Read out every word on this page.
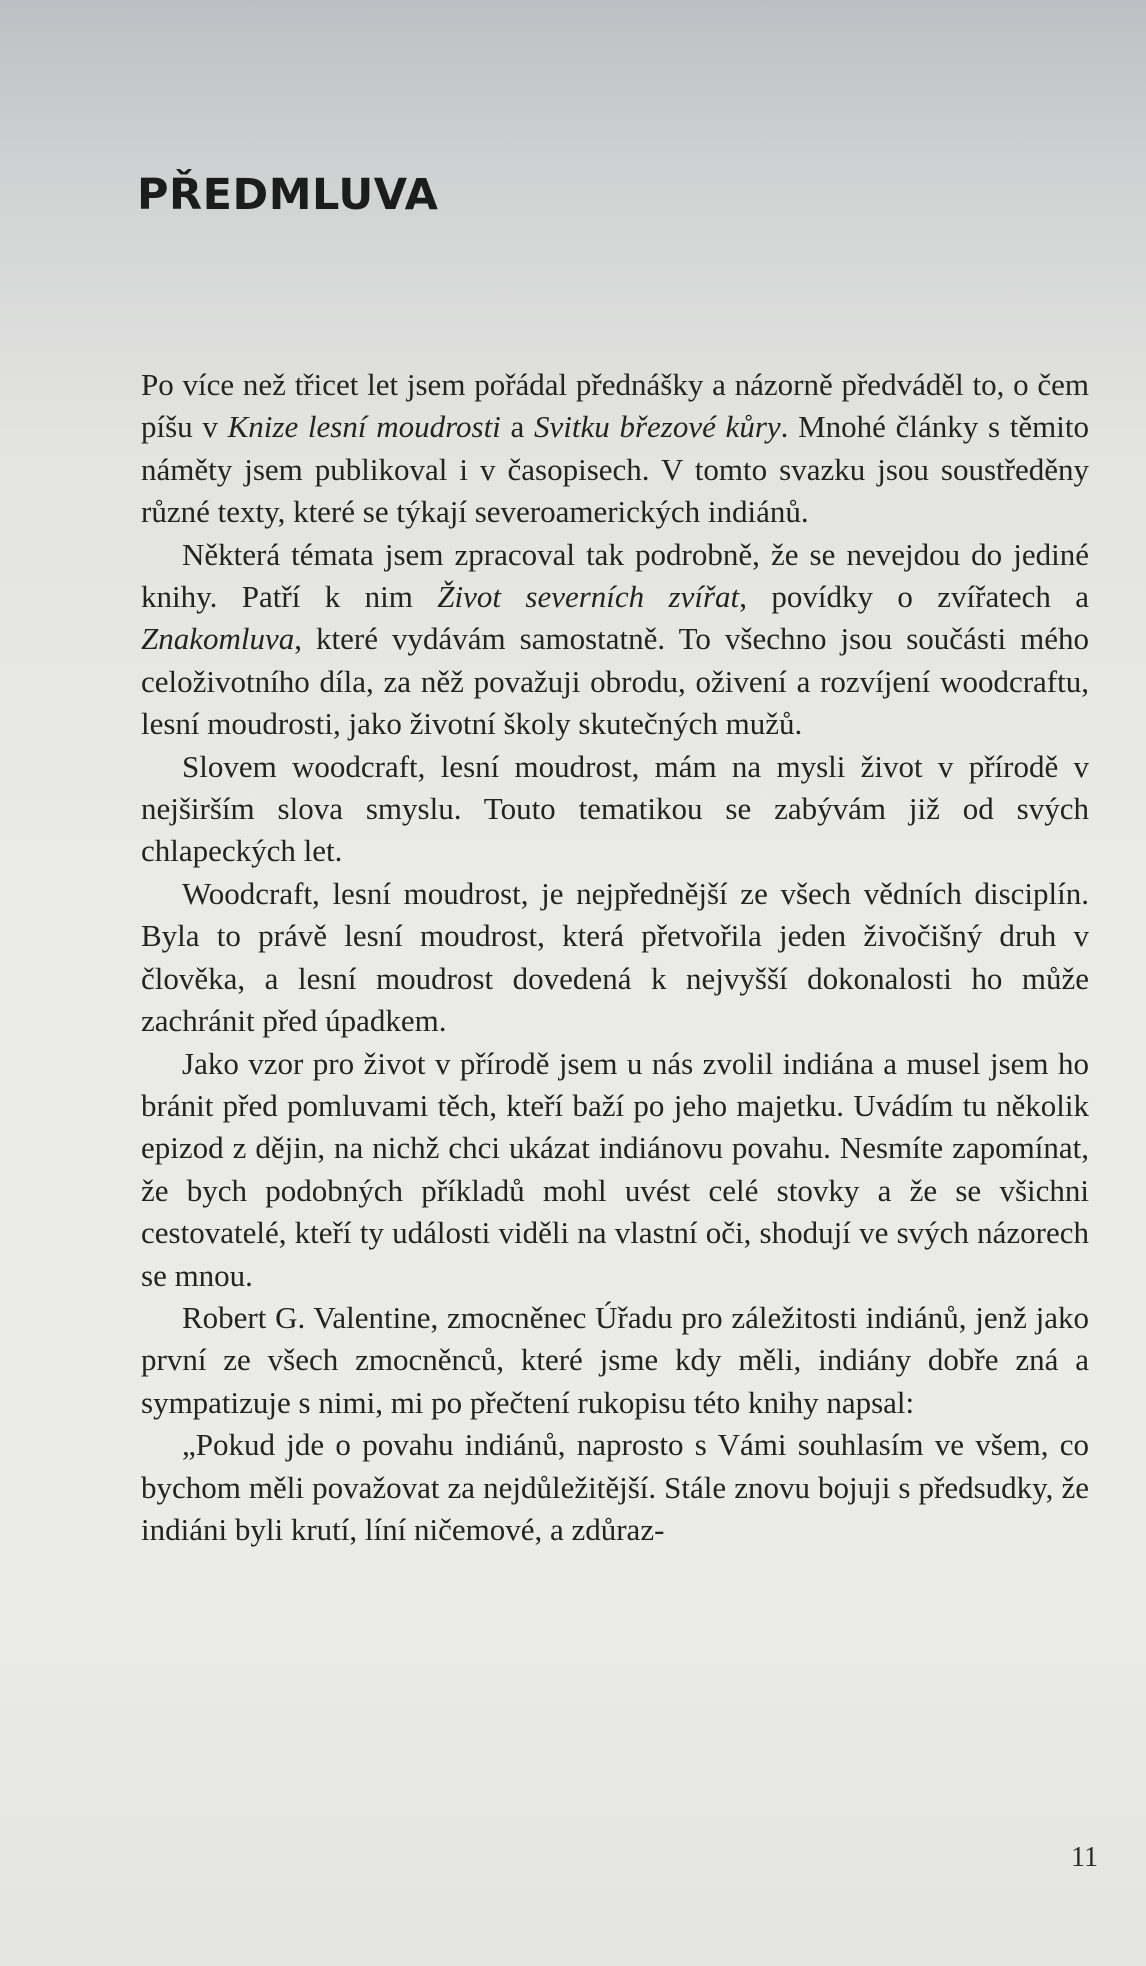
PŘEDMLUVA

Po více než třicet let jsem pořádal přednášky a názorně předváděl to, o čem píšu v Knize lesní moudrosti a Svitku březové kůry. Mnohé články s těmito náměty jsem publikoval i v časopisech. V tomto svazku jsou soustředěny různé texty, které se týkají severoamerických indiánů.

Některá témata jsem zpracoval tak podrobně, že se nevejdou do jediné knihy. Patří k nim Život severních zvířat, povídky o zvířatech a Znakomluva, které vydávám samostatně. To všechno jsou součásti mého celoživotního díla, za něž považuji obrodu, oživení a rozvíjení woodcraftu, lesní moudrosti, jako životní školy skutečných mužů.

Slovem woodcraft, lesní moudrost, mám na mysli život v přírodě v nejširším slova smyslu. Touto tematikou se zabývám již od svých chlapeckých let.

Woodcraft, lesní moudrost, je nejpřednější ze všech vědních disciplín. Byla to právě lesní moudrost, která přetvořila jeden živočišný druh v člověka, a lesní moudrost dovedená k nejvyšší dokonalosti ho může zachránit před úpadkem.

Jako vzor pro život v přírodě jsem u nás zvolil indiána a musel jsem ho bránit před pomluvami těch, kteří baží po jeho majetku. Uvádím tu několik epizod z dějin, na nichž chci ukázat indiánovu povahu. Nesmíte zapomínat, že bych podobných příkladů mohl uvést celé stovky a že se všichni cestovatelé, kteří ty události viděli na vlastní oči, shodují ve svých názorech se mnou.

Robert G. Valentine, zmocněnec Úřadu pro záležitosti indiánů, jenž jako první ze všech zmocněnců, které jsme kdy měli, indiány dobře zná a sympatizuje s nimi, mi po přečtení rukopisu této knihy napsal:

„Pokud jde o povahu indiánů, naprosto s Vámi souhlasím ve všem, co bychom měli považovat za nejdůležitější. Stále znovu bojuji s předsudky, že indiáni byli krutí, líní ničemové, a zdůraz-

11
